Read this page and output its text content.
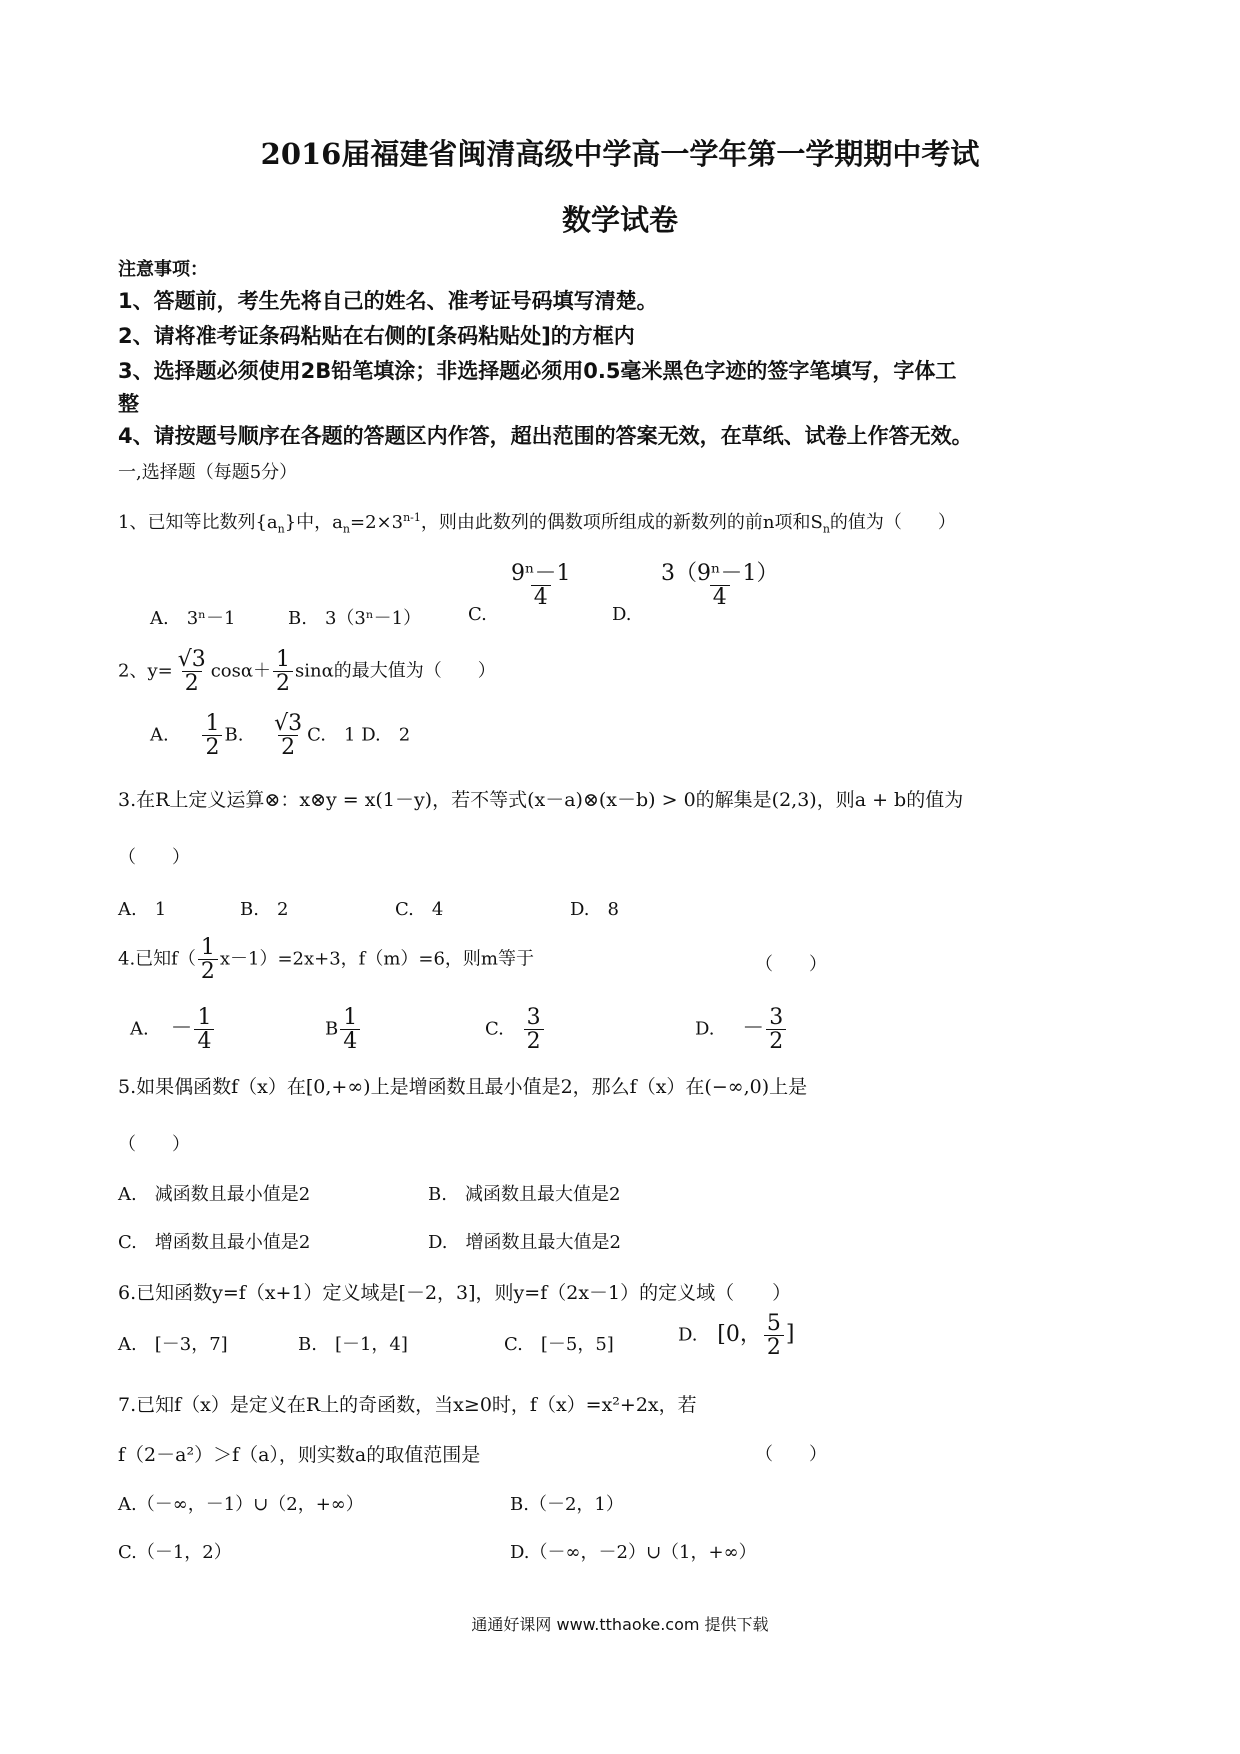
2016届福建省闽清高级中学高一学年第一学期期中考试
数学试卷
注意事项：
1、答题前，考生先将自己的姓名、准考证号码填写清楚。
2、请将准考证条码粘贴在右侧的[条码粘贴处]的方框内
3、选择题必须使用2B铅笔填涂；非选择题必须用0.5毫米黑色字迹的签字笔填写，字体工
整
4、请按题号顺序在各题的答题区内作答，超出范围的答案无效，在草纸、试卷上作答无效。
一,选择题（每题5分）
1、已知等比数列$\{a_n\}$中，$a_n=2\times 3^{n-1}$，则由此数列的偶数项所组成的新数列的前n项和$S_n$的值为（　　）
A.　3ⁿ－1	B.　3（3ⁿ－1）	C.
$\frac{\text{9ⁿ－1}}{4}$
D.
$\frac{\text{3（9ⁿ－1）}}{4}$
2、$y= \frac{√3}{2} \cos\alpha+ \frac{1}{2}$ sinα的最大值为（　　）
A. $\frac{1}{2} B$. $\frac{√3}{2} C$.　1 D.　2
3.在R上定义运算⊗：x⊗y = x(1－y)，若不等式(x－a)⊗(x－b) > 0的解集是(2,3)，则a + b的值为
（　　）
A.　1	B.　2	C.　4	D.　8
4.已知$f( \frac{1}{2} x-1)=2x+3$，f（m）=6，则m等于	（　　）
A. － $\frac{1}{4}$	B $\frac{1}{4}$	C. $\frac{3}{2}$	D. － $\frac{3}{2}$
5.如果偶函数f（x）在[0,+∞)上是增函数且最小值是2，那么f（x）在(−∞,0)上是
（　　）
A.　减函数且最小值是2	B.　减函数且最大值是2
C.　增函数且最小值是2	D.　增函数且最大值是2
6.已知函数y=f（x+1）定义域是[－2，3]，则y=f（2x－1）的定义域（　　）
A.　[－3，7]	B.　[－1，4]	C.　[－5，5]	D. [0， $\frac{5}{2}$ ]
7.已知f（x）是定义在R上的奇函数，当x≥0时，f（x）=x²+2x，若
f（2－a²）＞f（a），则实数a的取值范围是	（　　）
A.（－∞，－1）∪（2，+∞）	B.（－2，1）
C.（－1，2）	D.（－∞，－2）∪（1，+∞）
通通好课网 www.tthaoke.com 提供下载
